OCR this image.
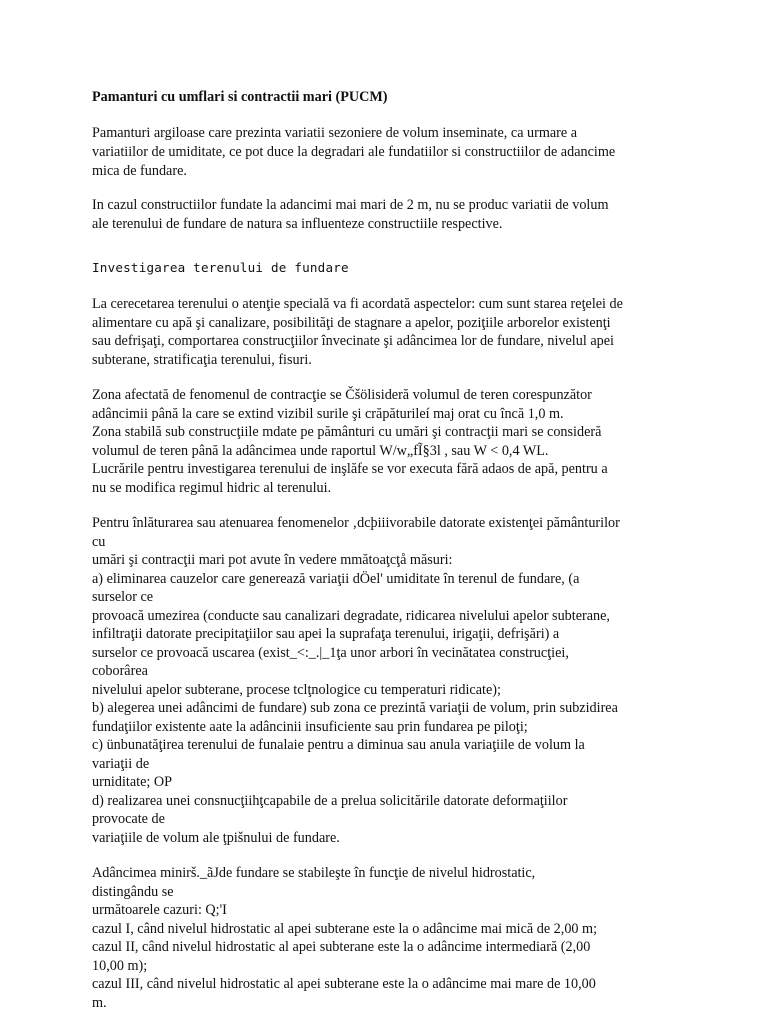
Pamanturi cu umflari si contractii mari (PUCM)
Pamanturi argiloase care prezinta variatii sezoniere de volum inseminate, ca urmare a
variatiilor de umiditate, ce pot duce la degradari ale fundatiilor si constructiilor de adancime
mica de fundare.
In cazul constructiilor fundate la adancimi mai mari de 2 m, nu se produc variatii de volum
ale terenului de fundare de natura sa influenteze constructiile respective.
Investigarea terenului de fundare
La cerecetarea terenului o atenţie specială va fi acordată aspectelor: cum sunt starea reţelei de
alimentare cu apă şi canalizare, posibilităţi de stagnare a apelor, poziţiile arborelor existenţi
sau defrişaţi, comportarea construcţiilor învecinate şi adâncimea lor de fundare, nivelul apei
subterane, stratificaţia terenului, fisuri.
Zona afectată de fenomenul de contracţie se Čšölisideră volumul de teren corespunzător
adâncimii până la care se extind vizibil surile şi crăpăturileí maj orat cu încă 1,0 m.
Zona stabilă sub construcţiile mdate pe pământuri cu umări şi contracţii mari se consideră
volumul de teren până la adâncimea unde raportul W/w„fĨ§3l , sau W < 0,4 WL.
Lucrările pentru investigarea terenului de inşlăfe se vor executa fără adaos de apă, pentru a
nu se modifica regimul hidric al terenului.
Pentru înlăturarea sau atenuarea fenomenelor ‚dcþiiivorabile datorate existenţei pământurilor
cu
umări şi contracţii mari pot avute în vedere mmătoaţcţå măsuri:
a) eliminarea cauzelor care generează variaţii dÖel' umiditate în terenul de fundare, (a
surselor ce
provoacă umezirea (conducte sau canalizari degradate, ridicarea nivelului apelor subterane,
infiltraţii datorate precipitaţiilor sau apei la suprafaţa terenului, irigaţii, defrişări) a
surselor ce provoacă uscarea (exist_<:_.|_1ţa unor arbori în vecinătatea construcţiei,
coborârea
nivelului apelor subterane, procese tclţnologice cu temperaturi ridicate);
b) alegerea unei adâncimi de fundare) sub zona ce prezintă variaţii de volum, prin subzidirea
fundaţiilor existente aate la adâncinii insuficiente sau prin fundarea pe piloţi;
c) ünbunatăţirea terenului de funalaie pentru a diminua sau anula variaţiile de volum la
variaţii de
urniditate; OP
d) realizarea unei consnucţiihţcapabile de a prelua solicitările datorate deformaţiilor
provocate de
variaţiile de volum ale ţpišnului de fundare.
Adâncimea minirš._ãJde fundare se stabileşte în funcţie de nivelul hidrostatic,
distingându se
următoarele cazuri: Q;'I
cazul I, când nivelul hidrostatic al apei subterane este la o adâncime mai mică de 2,00 m;
cazul II, când nivelul hidrostatic al apei subterane este la o adâncime intermediară (2,00
10,00 m);
cazul III, când nivelul hidrostatic al apei subterane este la o adâncime mai mare de 10,00
m.
